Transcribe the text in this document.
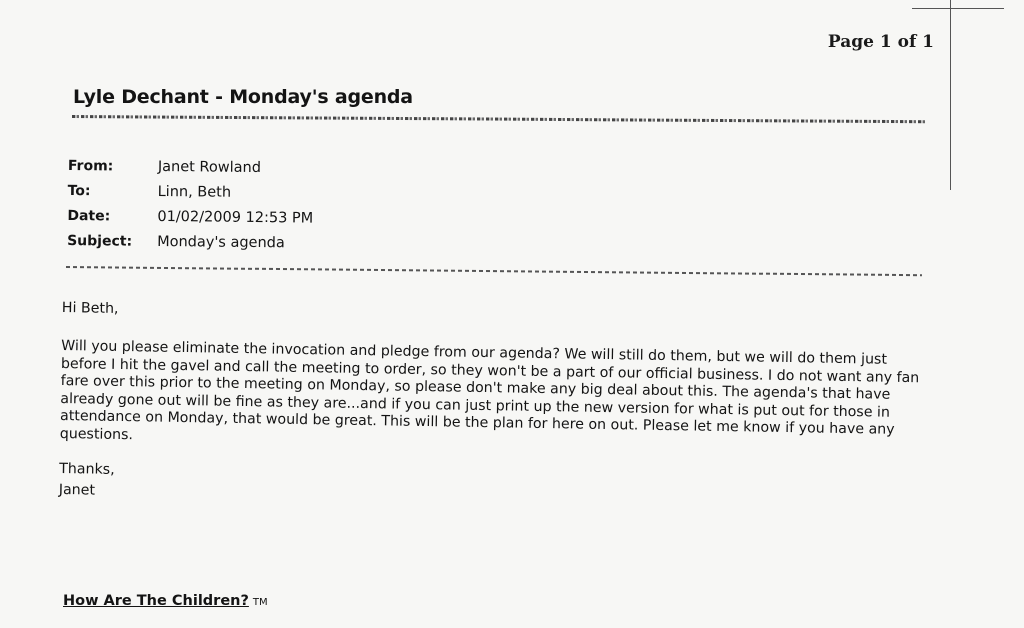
Page 1 of 1
Lyle Dechant - Monday's agenda
From:	Janet Rowland
To:	Linn, Beth
Date:	01/02/2009 12:53 PM
Subject:	Monday's agenda

Hi Beth,

Will you please eliminate the invocation and pledge from our agenda? We will still do them, but we will do them just before I hit the gavel and call the meeting to order, so they won't be a part of our official business. I do not want any fan fare over this prior to the meeting on Monday, so please don't make any big deal about this. The agenda's that have already gone out will be fine as they are...and if you can just print up the new version for what is put out for those in attendance on Monday, that would be great. This will be the plan for here on out. Please let me know if you have any questions.

Thanks,

Janet

How Are The Children? TM
